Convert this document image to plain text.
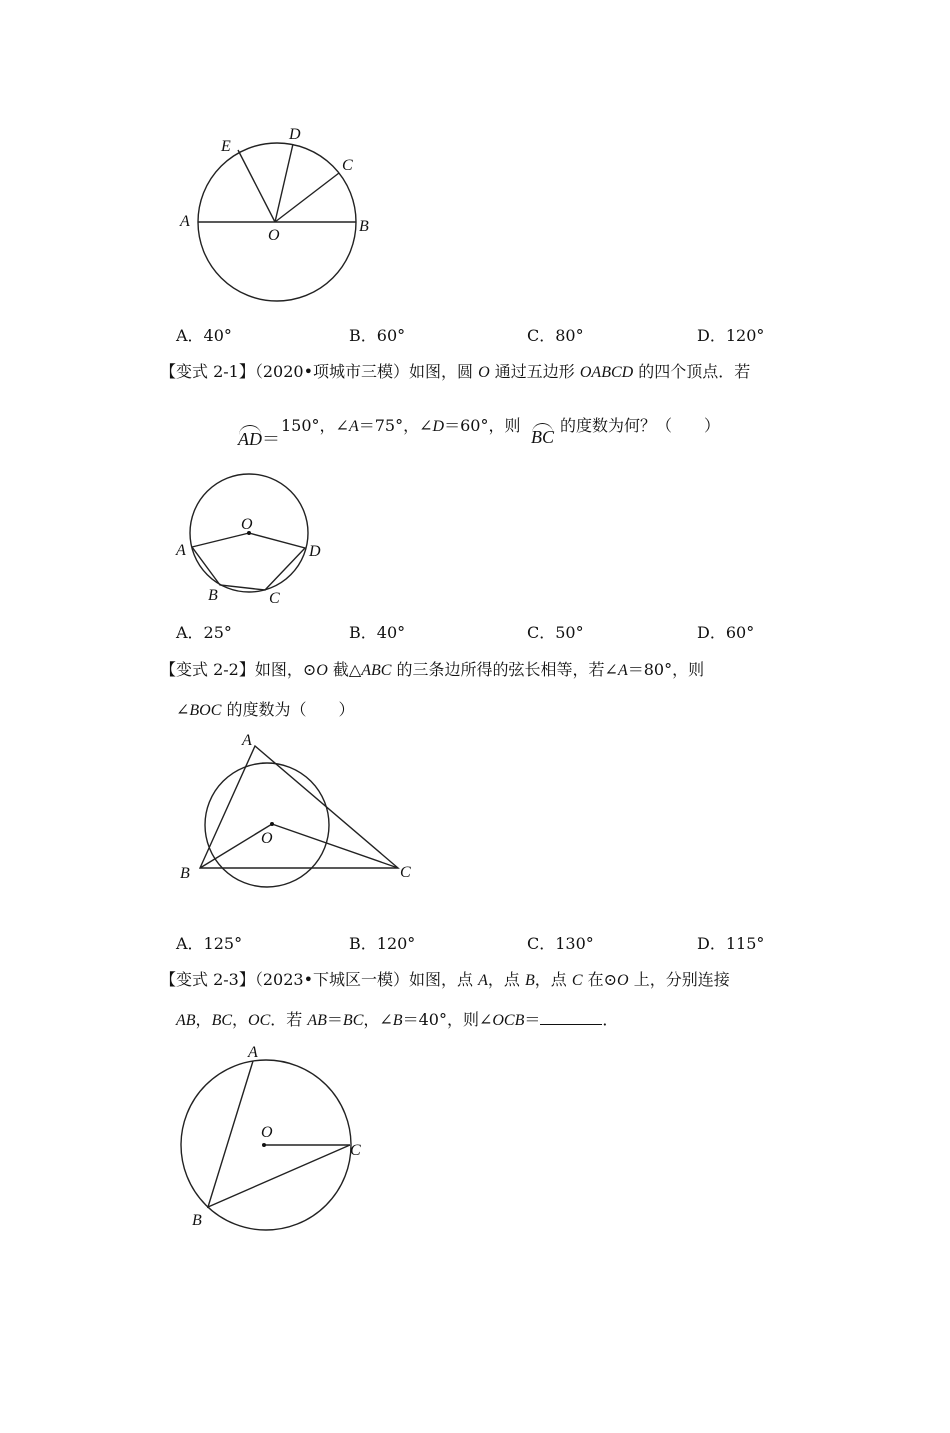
E
D
C
A
O
B
A．40°	B．60°	C．80°	D．120°
【变式 2-1】（2020•项城市三模）如图，圆 O 通过五边形 OABCD 的四个顶点．若
AD＝
150°，∠A＝75°，∠D＝60°，则
BC
的度数为何？（　　）
O
A	D
B	C
A．25°	B．40°	C．50°	D．60°
【变式 2-2】如图，⊙O 截△ABC 的三条边所得的弦长相等，若∠A＝80°，则
∠BOC 的度数为（　　）
A
O
B	C
A．125°	B．120°	C．130°	D．115°
【变式 2-3】（2023•下城区一模）如图，点 A，点 B，点 C 在⊙O 上，分别连接
AB，BC，OC．若 AB＝BC，∠B＝40°，则∠OCB＝	．
A
O
C
B
